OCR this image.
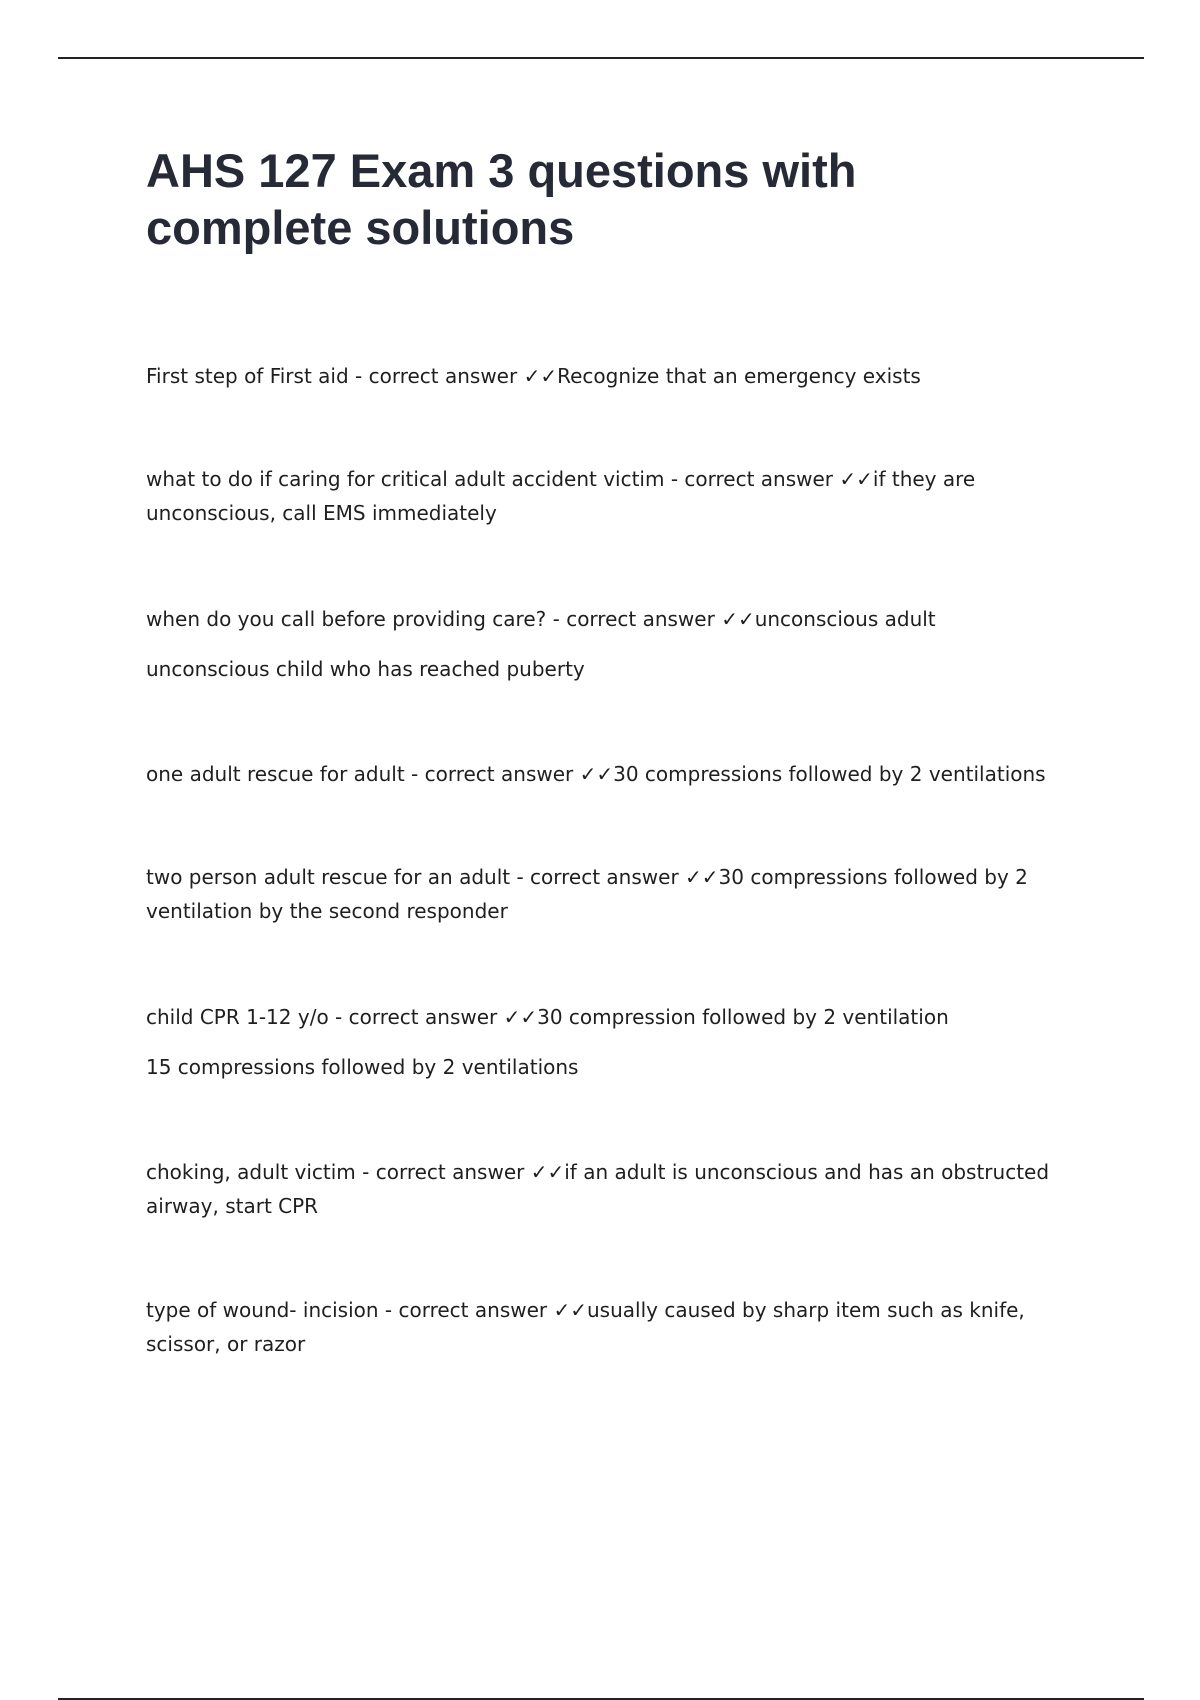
AHS 127 Exam 3 questions with complete solutions
First step of First aid - correct answer ✓✓Recognize that an emergency exists
what to do if caring for critical adult accident victim - correct answer ✓✓if they are unconscious, call EMS immediately
when do you call before providing care? - correct answer ✓✓unconscious adult
unconscious child who has reached puberty
one adult rescue for adult - correct answer ✓✓30 compressions followed by 2 ventilations
two person adult rescue for an adult - correct answer ✓✓30 compressions followed by 2 ventilation by the second responder
child CPR 1-12 y/o - correct answer ✓✓30 compression followed by 2 ventilation
15 compressions followed by 2 ventilations
choking, adult victim - correct answer ✓✓if an adult is unconscious and has an obstructed airway, start CPR
type of wound- incision - correct answer ✓✓usually caused by sharp item such as knife, scissor, or razor
